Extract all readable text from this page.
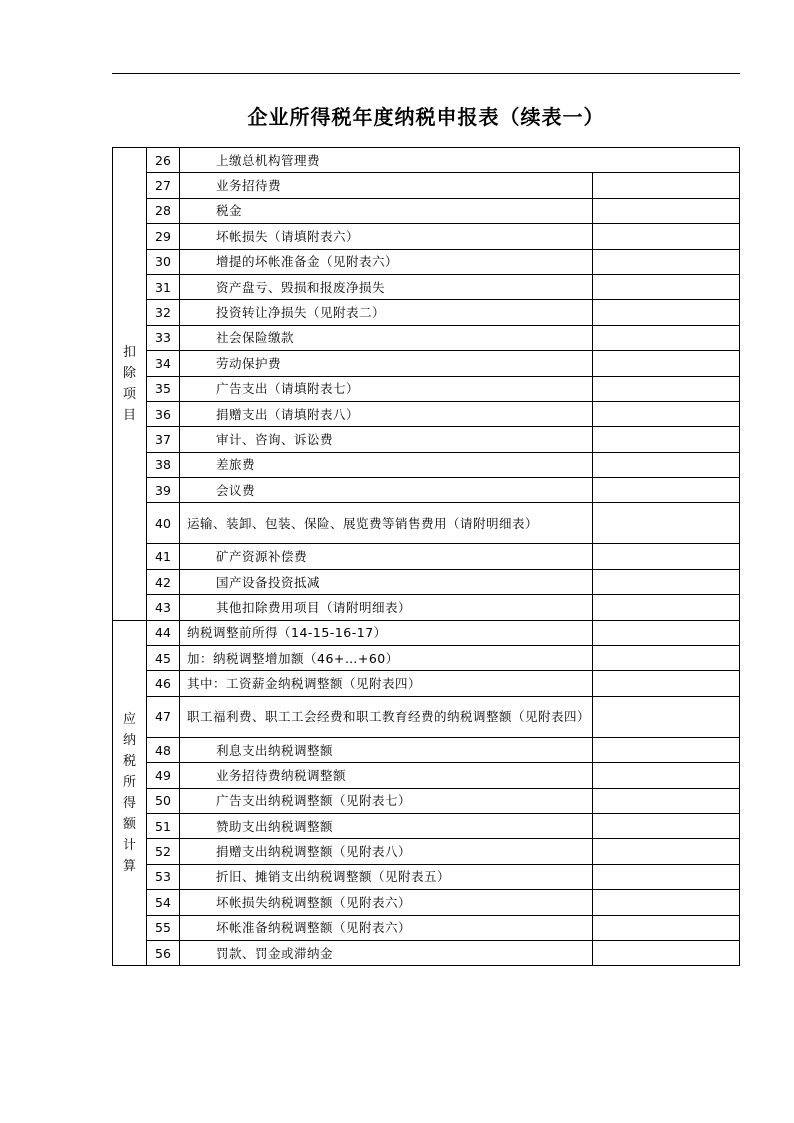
企业所得税年度纳税申报表（续表一）
扣除项目	26	上缴总机构管理费	
	27	业务招待费	
	28	税金	
	29	坏帐损失（请填附表六）	
	30	增提的坏帐准备金（见附表六）	
	31	资产盘亏、毁损和报废净损失	
	32	投资转让净损失（见附表二）	
	33	社会保险缴款	
	34	劳动保护费	
	35	广告支出（请填附表七）	
	36	捐赠支出（请填附表八）	
	37	审计、咨询、诉讼费	
	38	差旅费	
	39	会议费	
	40	运输、装卸、包装、保险、展览费等销售费用（请附明细表）	
	41	矿产资源补偿费	
	42	国产设备投资抵减	
	43	其他扣除费用项目（请附明细表）	
应纳税所得额计算	44	纳税调整前所得（14-15-16-17）	
	45	加：纳税调整增加额（46+…+60）	
	46	其中：工资薪金纳税调整额（见附表四）	
	47	职工福利费、职工工会经费和职工教育经费的纳税调整额（见附表四）	
	48	利息支出纳税调整额	
	49	业务招待费纳税调整额	
	50	广告支出纳税调整额（见附表七）	
	51	赞助支出纳税调整额	
	52	捐赠支出纳税调整额（见附表八）	
	53	折旧、摊销支出纳税调整额（见附表五）	
	54	坏帐损失纳税调整额（见附表六）	
	55	坏帐准备纳税调整额（见附表六）	
	56	罚款、罚金或滞纳金	
